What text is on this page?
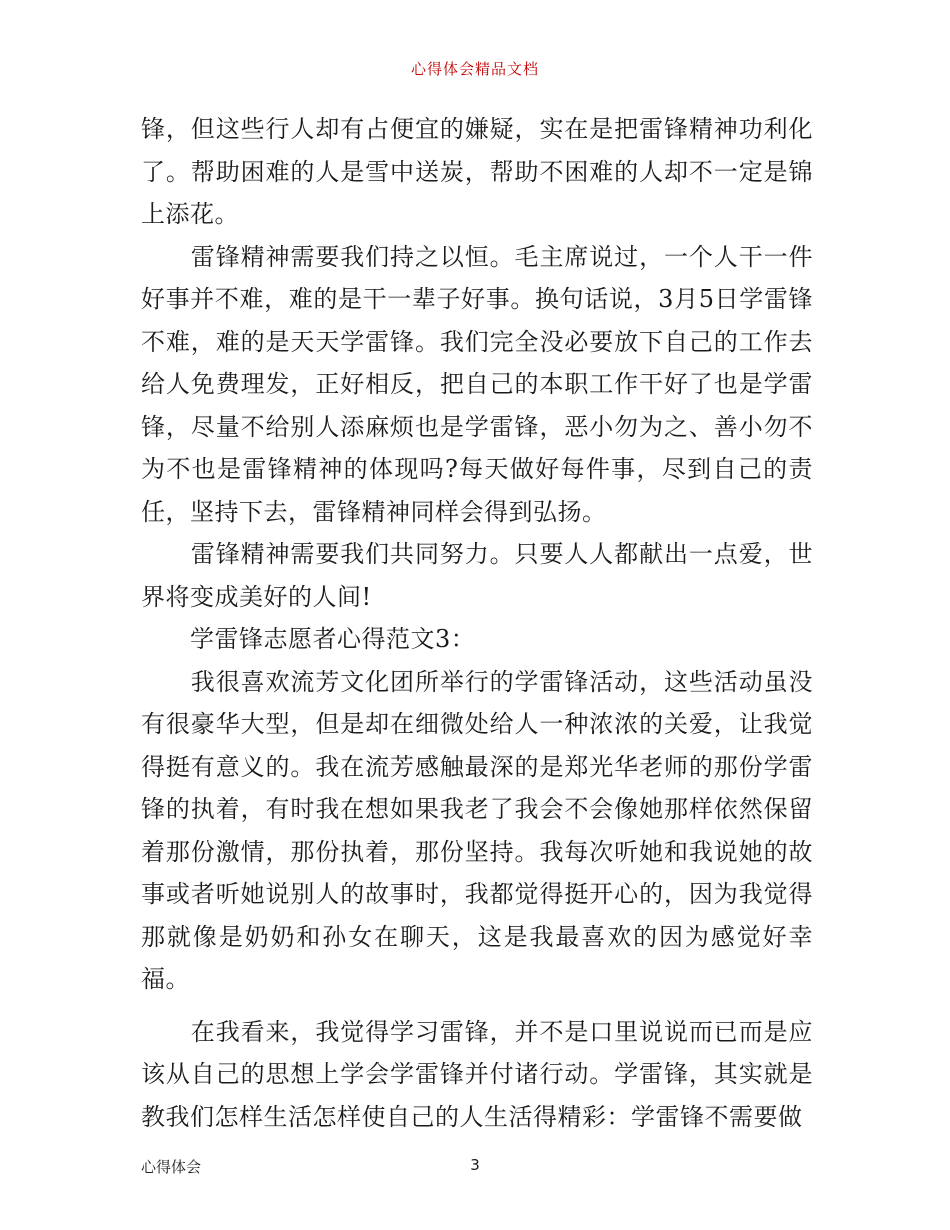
心得体会精品文档

锋，但这些行人却有占便宜的嫌疑，实在是把雷锋精神功利化了。帮助困难的人是雪中送炭，帮助不困难的人却不一定是锦上添花。

　　雷锋精神需要我们持之以恒。毛主席说过，一个人干一件好事并不难，难的是干一辈子好事。换句话说，3月5日学雷锋不难，难的是天天学雷锋。我们完全没必要放下自己的工作去给人免费理发，正好相反，把自己的本职工作干好了也是学雷锋，尽量不给别人添麻烦也是学雷锋，恶小勿为之、善小勿不为不也是雷锋精神的体现吗?每天做好每件事，尽到自己的责任，坚持下去，雷锋精神同样会得到弘扬。

　　雷锋精神需要我们共同努力。只要人人都献出一点爱，世界将变成美好的人间!

　　学雷锋志愿者心得范文3：

　　我很喜欢流芳文化团所举行的学雷锋活动，这些活动虽没有很豪华大型，但是却在细微处给人一种浓浓的关爱，让我觉得挺有意义的。我在流芳感触最深的是郑光华老师的那份学雷锋的执着，有时我在想如果我老了我会不会像她那样依然保留着那份激情，那份执着，那份坚持。我每次听她和我说她的故事或者听她说别人的故事时，我都觉得挺开心的，因为我觉得那就像是奶奶和孙女在聊天，这是我最喜欢的因为感觉好幸福。

　　在我看来，我觉得学习雷锋，并不是口里说说而已而是应该从自己的思想上学会学雷锋并付诸行动。学雷锋，其实就是教我们怎样生活怎样使自己的人生活得精彩：学雷锋不需要做

心得体会	3
